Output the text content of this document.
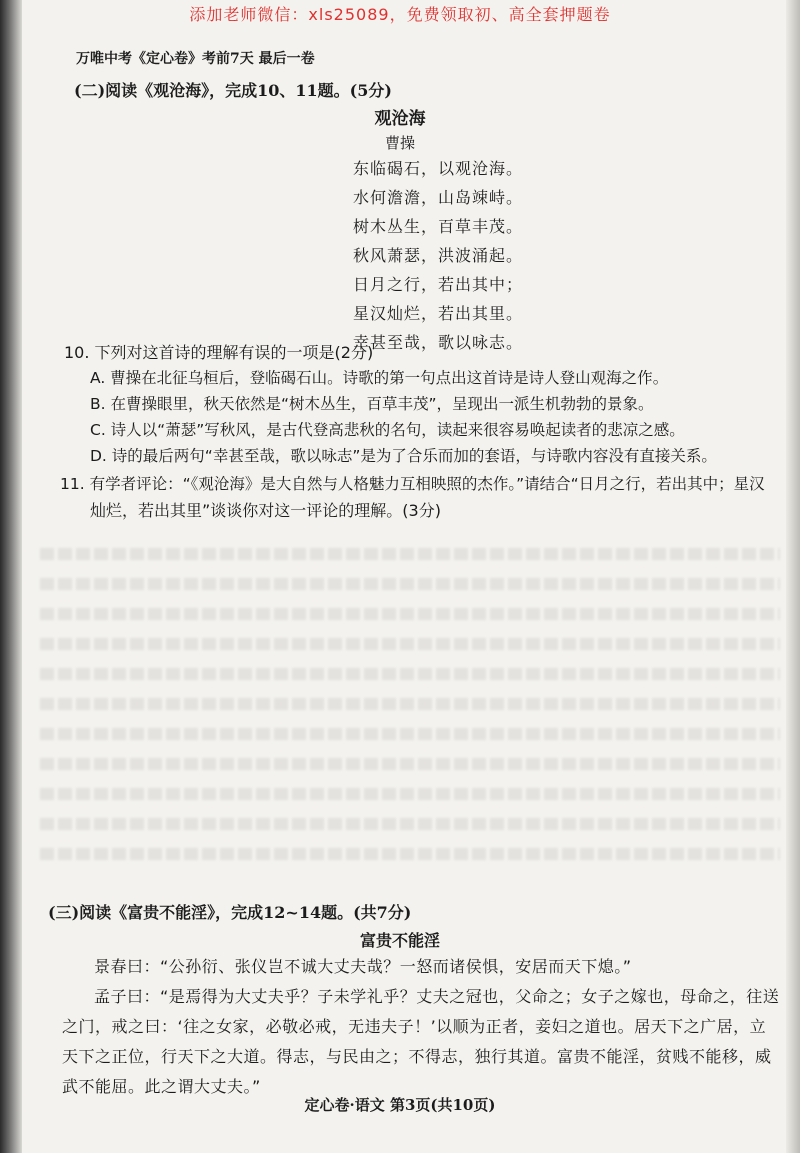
添加老师微信：xls25089，免费领取初、高全套押题卷
万唯中考《定心卷》考前7天 最后一卷
(二)阅读《观沧海》，完成10、11题。(5分)
观沧海
曹操
东临碣石，以观沧海。
水何澹澹，山岛竦峙。
树木丛生，百草丰茂。
秋风萧瑟，洪波涌起。
日月之行，若出其中；
星汉灿烂，若出其里。
幸甚至哉，歌以咏志。
10. 下列对这首诗的理解有误的一项是(2分)
A. 曹操在北征乌桓后，登临碣石山。诗歌的第一句点出这首诗是诗人登山观海之作。
B. 在曹操眼里，秋天依然是“树木丛生，百草丰茂”，呈现出一派生机勃勃的景象。
C. 诗人以“萧瑟”写秋风，是古代登高悲秋的名句，读起来很容易唤起读者的悲凉之感。
D. 诗的最后两句“幸甚至哉，歌以咏志”是为了合乐而加的套语，与诗歌内容没有直接关系。
11. 有学者评论：“《观沧海》是大自然与人格魅力互相映照的杰作。”请结合“日月之行，若出其中；星汉
灿烂，若出其里”谈谈你对这一评论的理解。(3分)
(三)阅读《富贵不能淫》，完成12~14题。(共7分)
富贵不能淫

景春曰：“公孙衍、张仪岂不诚大丈夫哉？一怒而诸侯惧，安居而天下熄。”

孟子曰：“是焉得为大丈夫乎？子未学礼乎？丈夫之冠也，父命之；女子之嫁也，母命之，往送之门，戒之曰：‘往之女家，必敬必戒，无违夫子！’以顺为正者，妾妇之道也。居天下之广居，立天下之正位，行天下之大道。得志，与民由之；不得志，独行其道。富贵不能淫，贫贱不能移，威武不能屈。此之谓大丈夫。”

定心卷·语文 第3页(共10页)
